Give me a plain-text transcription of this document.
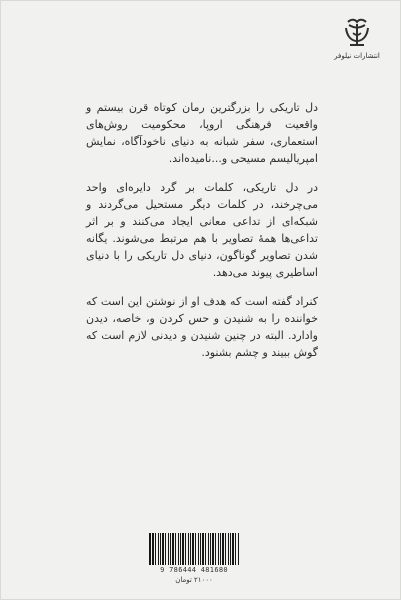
انتشارات نیلوفر

دل تاریکی را بزرگترین رمان کوتاه قرن بیستم و واقعیت فرهنگی اروپا، محکومیت روش‌های استعماری، سفر شبانه به دنیای ناخودآگاه، نمایش امپریالیسم مسیحی و...نامیده‌اند.

در دل تاریکی، کلمات بر گرد دایره‌ای واحد می‌چرخند، در کلمات دیگر مستحیل می‌گردند و شبکه‌ای از تداعی معانی ایجاد می‌کنند و بر اثر تداعی‌ها همهٔ تصاویر با هم مرتبط می‌شوند. یگانه شدن تصاویر گوناگون، دنیای دل تاریکی را با دنیای اساطیری پیوند می‌دهد.

کنراد گفته است که هدف او از نوشتن این است که خواننده را به شنیدن و حس کردن و، خاصه، دیدن وادارد. البته در چنین شنیدن و دیدنی لازم است که گوش ببیند و چشم بشنود.

9 786444 481680
۲۱۰۰۰ تومان
